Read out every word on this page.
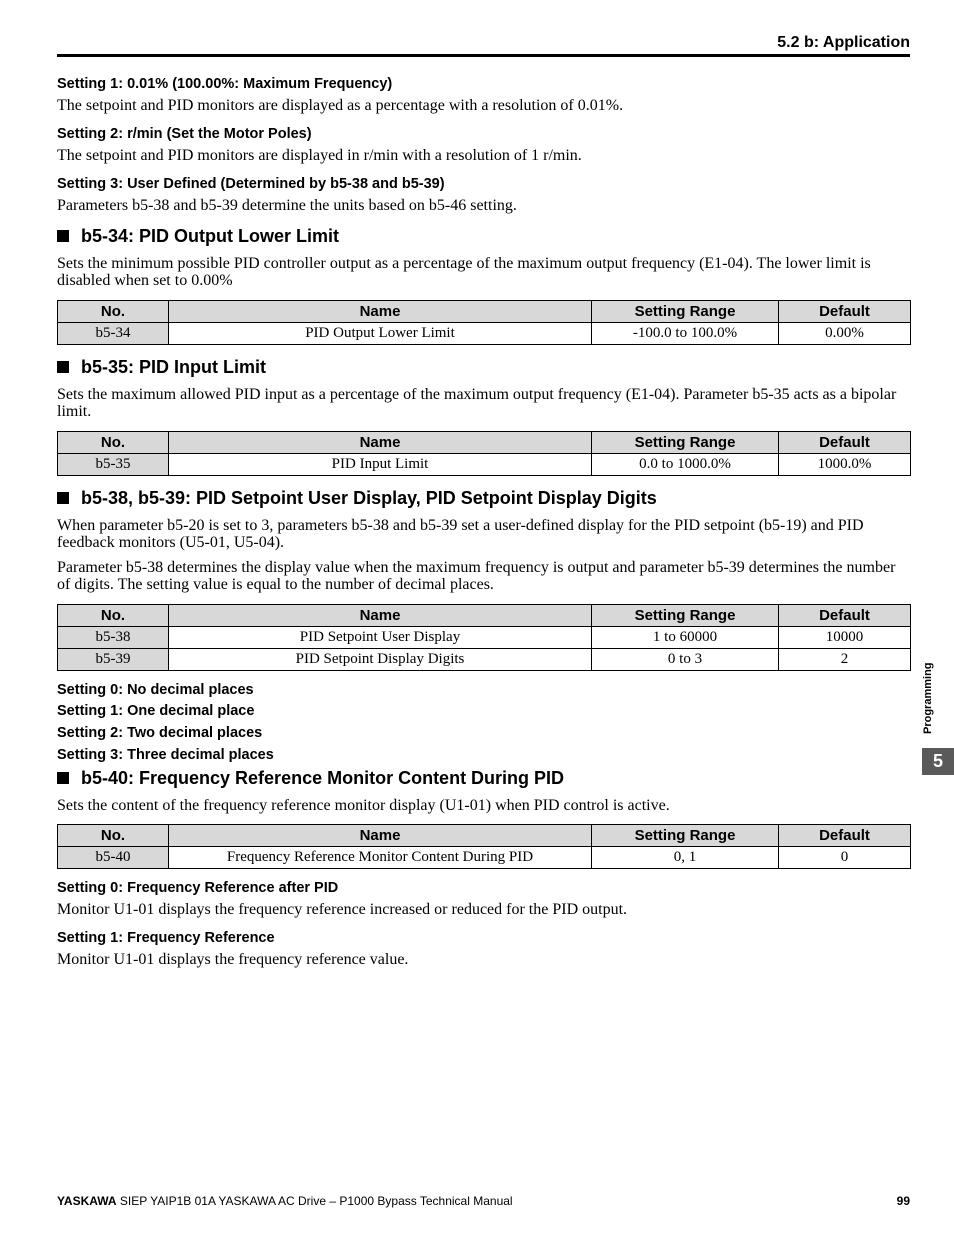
5.2 b: Application
Setting 1: 0.01% (100.00%: Maximum Frequency)
The setpoint and PID monitors are displayed as a percentage with a resolution of 0.01%.
Setting 2: r/min (Set the Motor Poles)
The setpoint and PID monitors are displayed in r/min with a resolution of 1 r/min.
Setting 3: User Defined (Determined by b5-38 and b5-39)
Parameters b5-38 and b5-39 determine the units based on b5-46 setting.
b5-34: PID Output Lower Limit
Sets the minimum possible PID controller output as a percentage of the maximum output frequency (E1-04). The lower limit is disabled when set to 0.00%
No.	Name	Setting Range	Default
b5-34	PID Output Lower Limit	-100.0 to 100.0%	0.00%
b5-35: PID Input Limit
Sets the maximum allowed PID input as a percentage of the maximum output frequency (E1-04). Parameter b5-35 acts as a bipolar limit.
No.	Name	Setting Range	Default
b5-35	PID Input Limit	0.0 to 1000.0%	1000.0%
b5-38, b5-39: PID Setpoint User Display, PID Setpoint Display Digits
When parameter b5-20 is set to 3, parameters b5-38 and b5-39 set a user-defined display for the PID setpoint (b5-19) and PID feedback monitors (U5-01, U5-04).
Parameter b5-38 determines the display value when the maximum frequency is output and parameter b5-39 determines the number of digits. The setting value is equal to the number of decimal places.
No.	Name	Setting Range	Default
b5-38	PID Setpoint User Display	1 to 60000	10000
b5-39	PID Setpoint Display Digits	0 to 3	2
Setting 0: No decimal places
Setting 1: One decimal place
Setting 2: Two decimal places
Setting 3: Three decimal places
b5-40: Frequency Reference Monitor Content During PID
Sets the content of the frequency reference monitor display (U1-01) when PID control is active.
No.	Name	Setting Range	Default
b5-40	Frequency Reference Monitor Content During PID	0, 1	0
Setting 0: Frequency Reference after PID
Monitor U1-01 displays the frequency reference increased or reduced for the PID output.
Setting 1: Frequency Reference
Monitor U1-01 displays the frequency reference value.
Programming
5
YASKAWA SIEP YAIP1B 01A YASKAWA AC Drive – P1000 Bypass Technical Manual	99
